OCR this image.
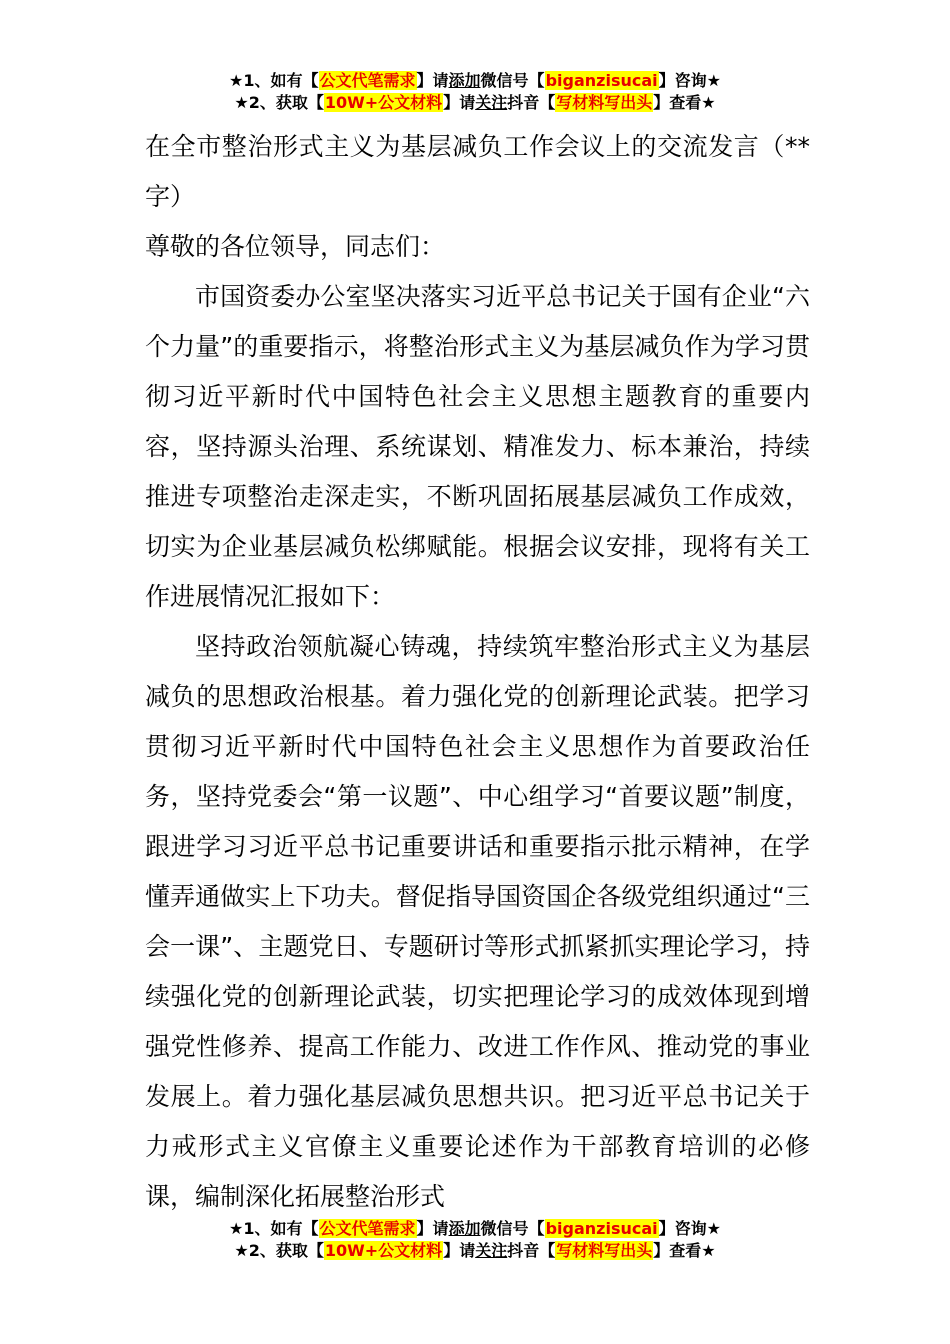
★1、如有【公文代笔需求】请添加微信号【biganzisucai】咨询★
★2、获取【10W+公文材料】请关注抖音【写材料写出头】查看★

在全市整治形式主义为基层减负工作会议上的交流发言（**字）

尊敬的各位领导，同志们：

市国资委办公室坚决落实习近平总书记关于国有企业“六个力量”的重要指示，将整治形式主义为基层减负作为学习贯彻习近平新时代中国特色社会主义思想主题教育的重要内容，坚持源头治理、系统谋划、精准发力、标本兼治，持续推进专项整治走深走实，不断巩固拓展基层减负工作成效，切实为企业基层减负松绑赋能。根据会议安排，现将有关工作进展情况汇报如下：

坚持政治领航凝心铸魂，持续筑牢整治形式主义为基层减负的思想政治根基。着力强化党的创新理论武装。把学习贯彻习近平新时代中国特色社会主义思想作为首要政治任务，坚持党委会“第一议题”、中心组学习“首要议题”制度，跟进学习习近平总书记重要讲话和重要指示批示精神，在学懂弄通做实上下功夫。督促指导国资国企各级党组织通过“三会一课”、主题党日、专题研讨等形式抓紧抓实理论学习，持续强化党的创新理论武装，切实把理论学习的成效体现到增强党性修养、提高工作能力、改进工作作风、推动党的事业发展上。着力强化基层减负思想共识。把习近平总书记关于力戒形式主义官僚主义重要论述作为干部教育培训的必修课，编制深化拓展整治形式

★1、如有【公文代笔需求】请添加微信号【biganzisucai】咨询★
★2、获取【10W+公文材料】请关注抖音【写材料写出头】查看★
